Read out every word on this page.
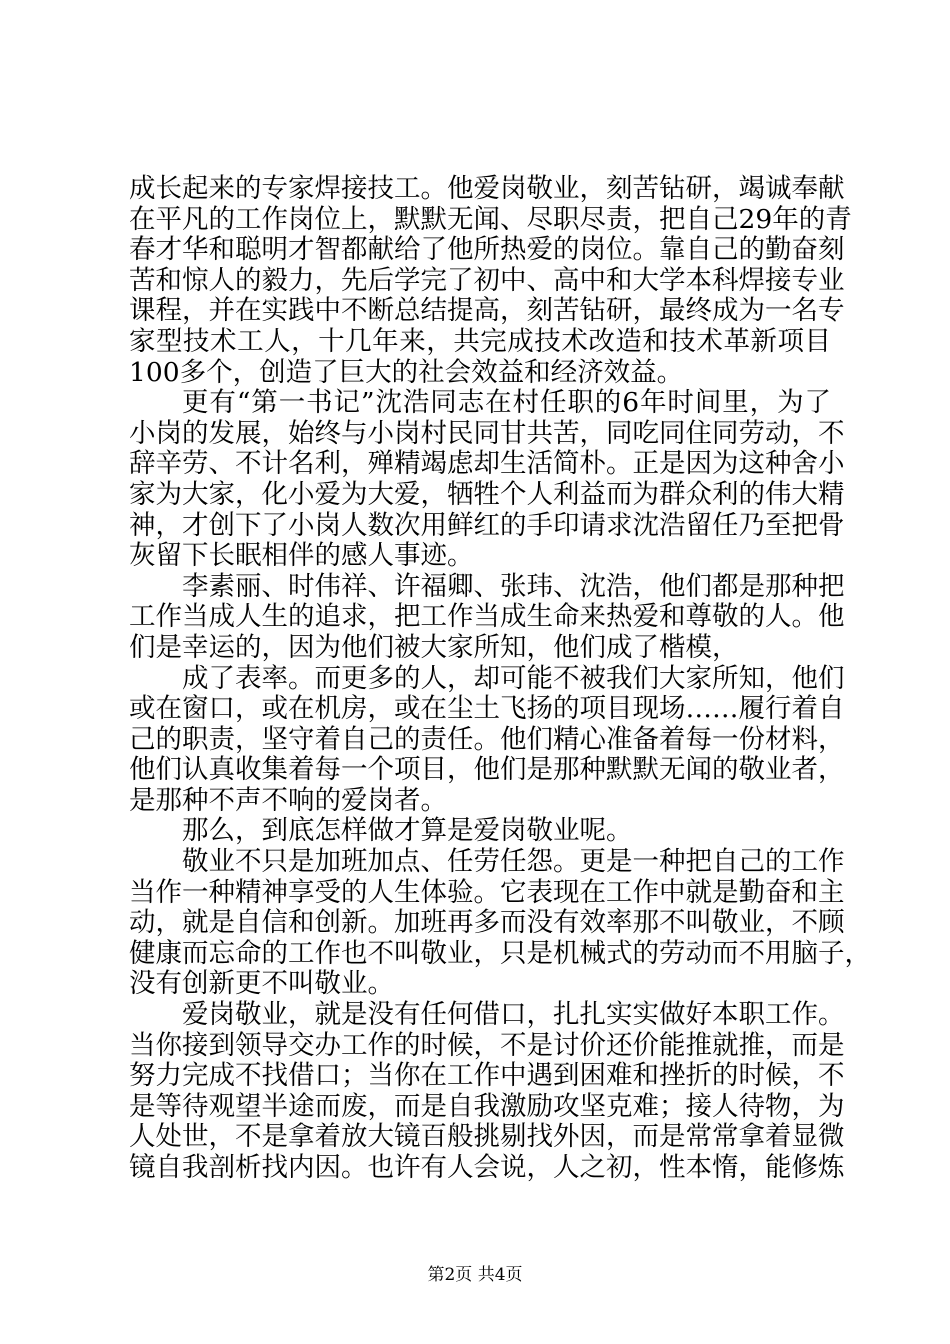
成长起来的专家焊接技工。他爱岗敬业，刻苦钻研，竭诚奉献
在平凡的工作岗位上，默默无闻、尽职尽责，把自己29年的青
春才华和聪明才智都献给了他所热爱的岗位。靠自己的勤奋刻
苦和惊人的毅力，先后学完了初中、高中和大学本科焊接专业
课程，并在实践中不断总结提高，刻苦钻研，最终成为一名专
家型技术工人，十几年来，共完成技术改造和技术革新项目
100多个，创造了巨大的社会效益和经济效益。
更有“第一书记”沈浩同志在村任职的6年时间里，为了
小岗的发展，始终与小岗村民同甘共苦，同吃同住同劳动，不
辞辛劳、不计名利，殚精竭虑却生活简朴。正是因为这种舍小
家为大家，化小爱为大爱，牺牲个人利益而为群众利的伟大精
神，才创下了小岗人数次用鲜红的手印请求沈浩留任乃至把骨
灰留下长眠相伴的感人事迹。
李素丽、时伟祥、许福卿、张玮、沈浩，他们都是那种把
工作当成人生的追求，把工作当成生命来热爱和尊敬的人。他
们是幸运的，因为他们被大家所知，他们成了楷模，
成了表率。而更多的人，却可能不被我们大家所知，他们
或在窗口，或在机房，或在尘土飞扬的项目现场……履行着自
己的职责，坚守着自己的责任。他们精心准备着每一份材料，
他们认真收集着每一个项目，他们是那种默默无闻的敬业者，
是那种不声不响的爱岗者。
那么，到底怎样做才算是爱岗敬业呢。
敬业不只是加班加点、任劳任怨。更是一种把自己的工作
当作一种精神享受的人生体验。它表现在工作中就是勤奋和主
动，就是自信和创新。加班再多而没有效率那不叫敬业，不顾
健康而忘命的工作也不叫敬业，只是机械式的劳动而不用脑子，
没有创新更不叫敬业。
爱岗敬业，就是没有任何借口，扎扎实实做好本职工作。
当你接到领导交办工作的时候，不是讨价还价能推就推，而是
努力完成不找借口；当你在工作中遇到困难和挫折的时候，不
是等待观望半途而废，而是自我激励攻坚克难；接人待物，为
人处世，不是拿着放大镜百般挑剔找外因，而是常常拿着显微
镜自我剖析找内因。也许有人会说，人之初，性本惰，能修炼
第2页 共4页
